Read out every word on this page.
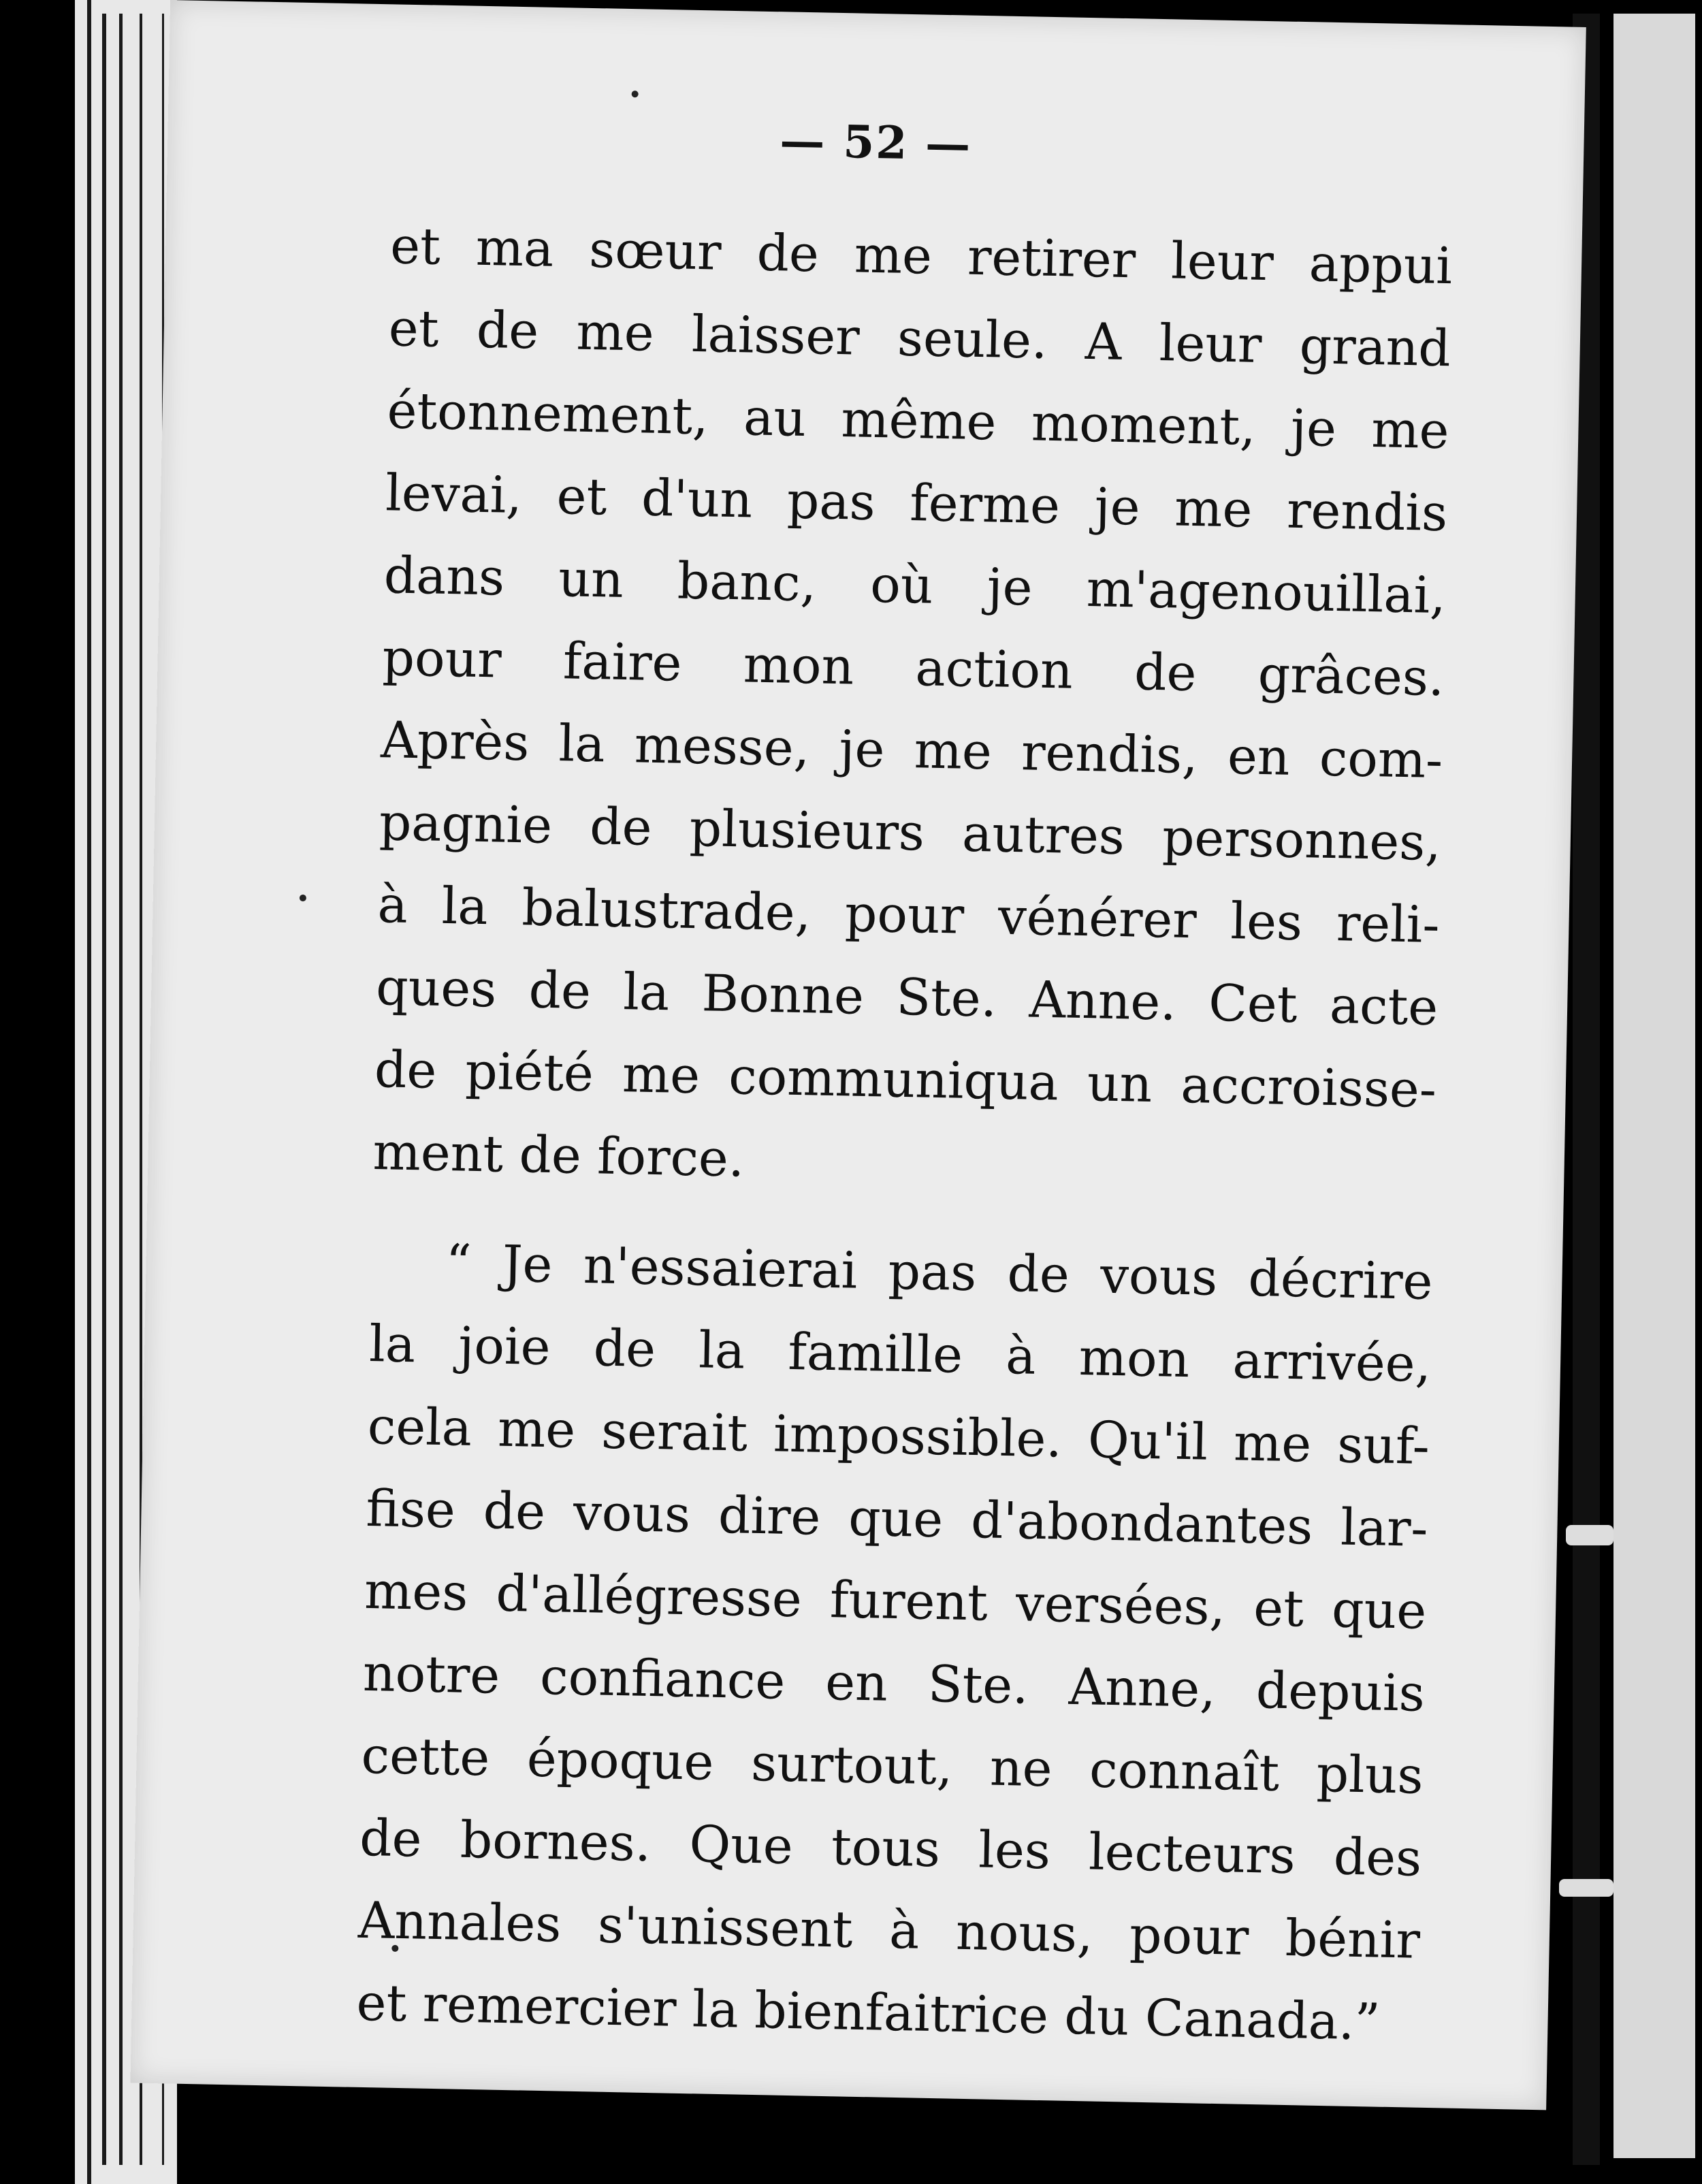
— 52 —
et ma sœur de me retirer leur appui
et de me laisser seule. A leur grand
étonnement, au même moment, je me
levai, et d'un pas ferme je me rendis
dans un banc, où je m'agenouillai,
pour faire mon action de grâces.
Après la messe, je me rendis, en com-
pagnie de plusieurs autres personnes,
à la balustrade, pour vénérer les reli-
ques de la Bonne Ste. Anne. Cet acte
de piété me communiqua un accroisse-
ment de force.
“ Je n'essaierai pas de vous décrire
la joie de la famille à mon arrivée,
cela me serait impossible. Qu'il me suf-
fise de vous dire que d'abondantes lar-
mes d'allégresse furent versées, et que
notre confiance en Ste. Anne, depuis
cette époque surtout, ne connaît plus
de bornes. Que tous les lecteurs des
Annales s'unissent à nous, pour bénir
et remercier la bienfaitrice du Canada.”
